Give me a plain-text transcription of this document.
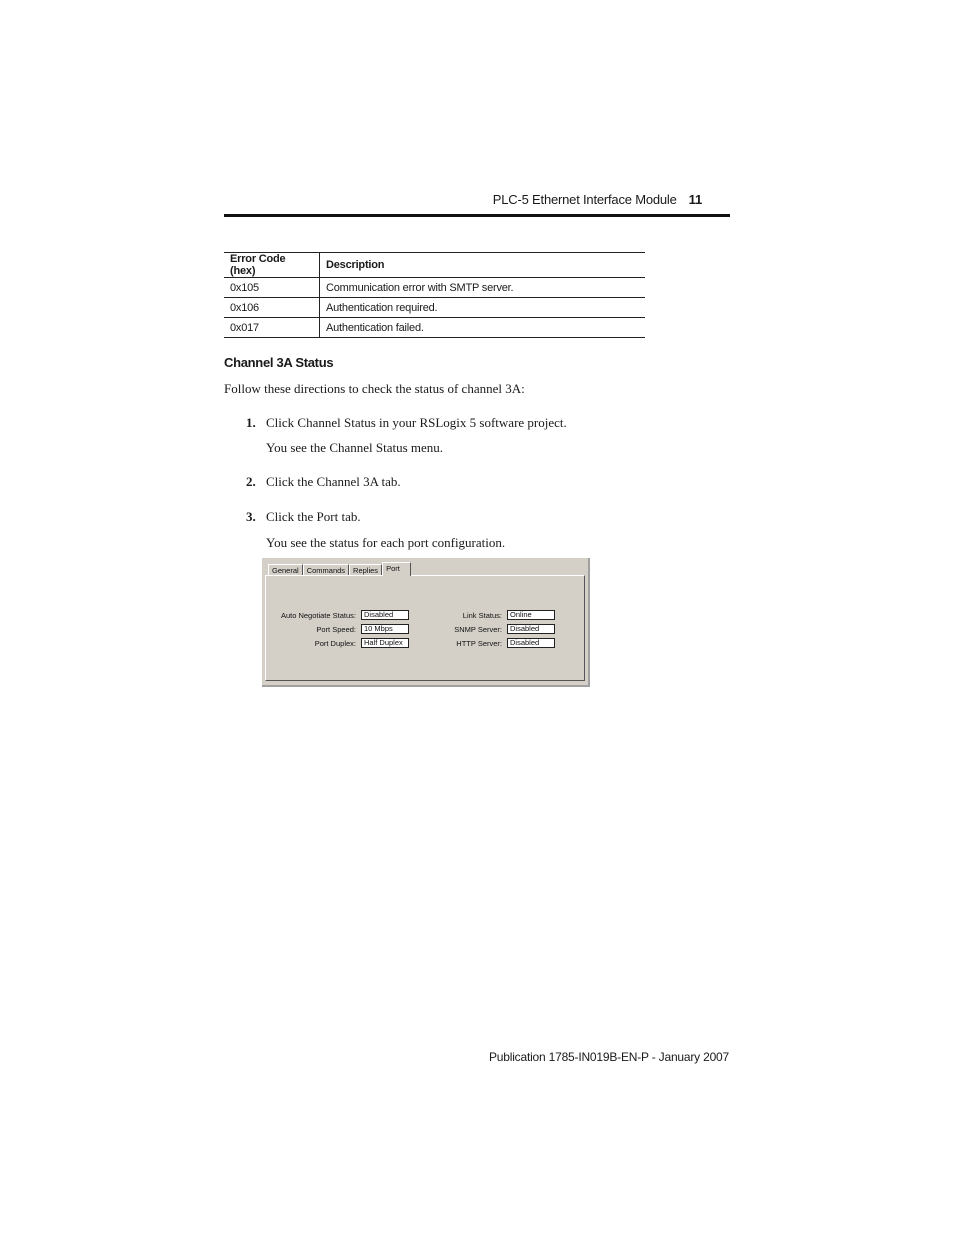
PLC-5 Ethernet Interface Module 11
Error Code (hex)	Description
0x105	Communication error with SMTP server.
0x106	Authentication required.
0x017	Authentication failed.
Channel 3A Status
Follow these directions to check the status of channel 3A:
1. Click Channel Status in your RSLogix 5 software project.
You see the Channel Status menu.
2. Click the Channel 3A tab.
3. Click the Port tab.
You see the status for each port configuration.
General	Commands	Replies	Port
Auto Negotiate Status:	Disabled
Port Speed:	10 Mbps
Port Duplex:	Half Duplex
Link Status:	Online
SNMP Server:	Disabled
HTTP Server:	Disabled
Publication 1785-IN019B-EN-P - January 2007
